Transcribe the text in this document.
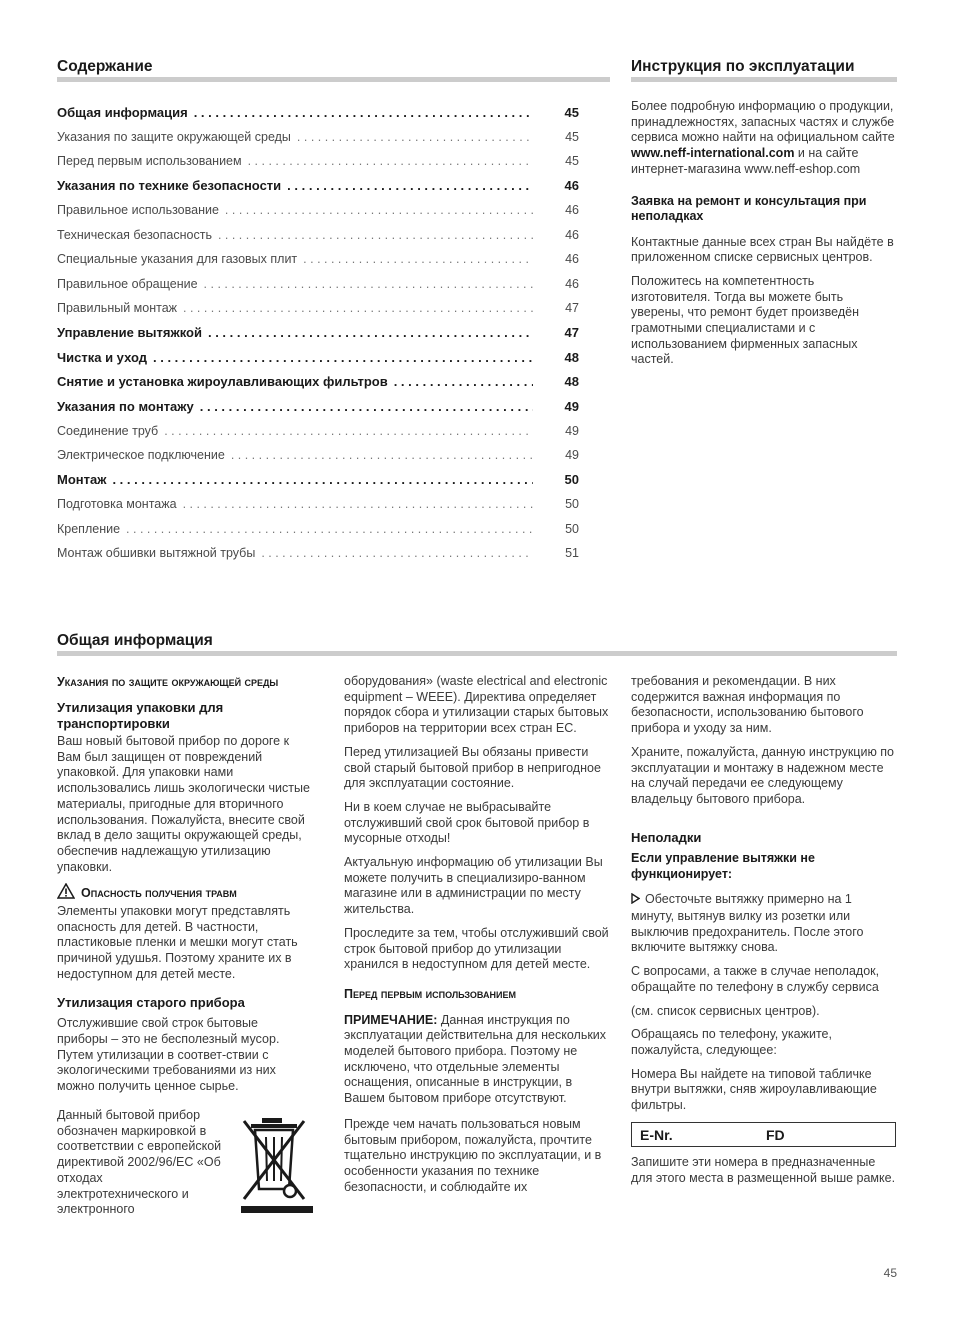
Содержание
Общая информация . . .	45
Указания по защите окружающей среды . . .	45
Перед первым использованием . . .	45
Указания по технике безопасности . . .	46
Правильное использование . . .	46
Техническая безопасность . . .	46
Специальные указания для газовых плит . . .	46
Правильное обращение . . .	46
Правильный монтаж . . .	47
Управление вытяжкой . . .	47
Чистка и уход . . .	48
Снятие и установка жироулавливающих фильтров . . .	48
Указания по монтажу . . .	49
Соединение труб . . .	49
Электрическое подключение . . .	49
Монтаж . . .	50
Подготовка монтажа . . .	50
Крепление . . .	50
Монтаж обшивки вытяжной трубы . . .	51
Инструкция по эксплуатации

Более подробную информацию о продукции, принадлежностях, запасных частях и службе сервиса можно найти на официальном сайте www.neff-international.com и на сайте интернет-магазина www.neff-eshop.com

Заявка на ремонт и консультация при неполадках

Контактные данные всех стран Вы найдёте в приложенном списке сервисных центров.

Положитесь на компетентность изготовителя. Тогда вы можете быть уверены, что ремонт будет произведён грамотными специалистами и с использованием фирменных запасных частей.

Общая информация
Указания по защите окружающей среды
Утилизация упаковки для транспортировки

Ваш новый бытовой прибор по дороге к Вам был защищен от повреждений упаковкой. Для упаковки нами использовались лишь экологически чистые материалы, пригодные для вторичного использования. Пожалуйста, внесите свой вклад в дело защиты окружающей среды, обеспечив надлежащую утилизацию упаковки.

Опасность получения травм

Элементы упаковки могут представлять опасность для детей. В частности, пластиковые пленки и мешки могут стать причиной удушья. Поэтому храните их в недоступном для детей месте.

Утилизация старого прибора

Отслужившие свой строк бытовые приборы – это не бесполезный мусор. Путем утилизации в соответ-ствии с экологическими требованиями из них можно получить ценное сырье.

Данный бытовой прибор обозначен маркировкой в соответствии с европейской директивой 2002/96/ЕС «Об отходах электротехнического и электронного

оборудования» (waste electrical and electronic equipment – WEEE). Директива определяет порядок сбора и утилизации старых бытовых приборов на территории всех стран ЕС.

Перед утилизацией Вы обязаны привести свой старый бытовой прибор в непригодное для эксплуатации состояние.

Ни в коем случае не выбрасывайте отслуживший свой срок бытовой прибор в мусорные отходы!

Актуальную информацию об утилизации Вы можете получить в специализиро-ванном магазине или в администрации по месту жительства.

Проследите за тем, чтобы отслуживший свой строк бытовой прибор до утилизации хранился в недоступном для детей месте.

Перед первым использованием

ПРИМЕЧАНИЕ: Данная инструкция по эксплуатации действительна для нескольких моделей бытового прибора. Поэтому не исключено, что отдельные элементы оснащения, описанные в инструкции, в Вашем бытовом приборе отсутствуют.

Прежде чем начать пользоваться новым бытовым прибором, пожалуйста, прочтите тщательно инструкцию по эксплуатации, и в особенности указания по технике безопасности, и соблюдайте их

требования и рекомендации. В них содержится важная информация по безопасности, использованию бытового прибора и уходу за ним.

Храните, пожалуйста, данную инструкцию по эксплуатации и монтажу в надежном месте на случай передачи ее следующему владельцу бытового прибора.

Неполадки
Если управление вытяжки не функционирует:

Обесточьте вытяжку примерно на 1 минуту, вытянув вилку из розетки или выключив предохранитель. После этого включите вытяжку снова.

С вопросами, а также в случае неполадок, обращайте по телефону в службу сервиса

(см. список сервисных центров).

Обращаясь по телефону, укажите, пожалуйста, следующее:

Номера Вы найдете на типовой табличке внутри вытяжки, сняв жироулавливающие фильтры.

E-Nr.	FD
Запишите эти номера в предназначенные для этого места в размещенной выше рамке.
45
